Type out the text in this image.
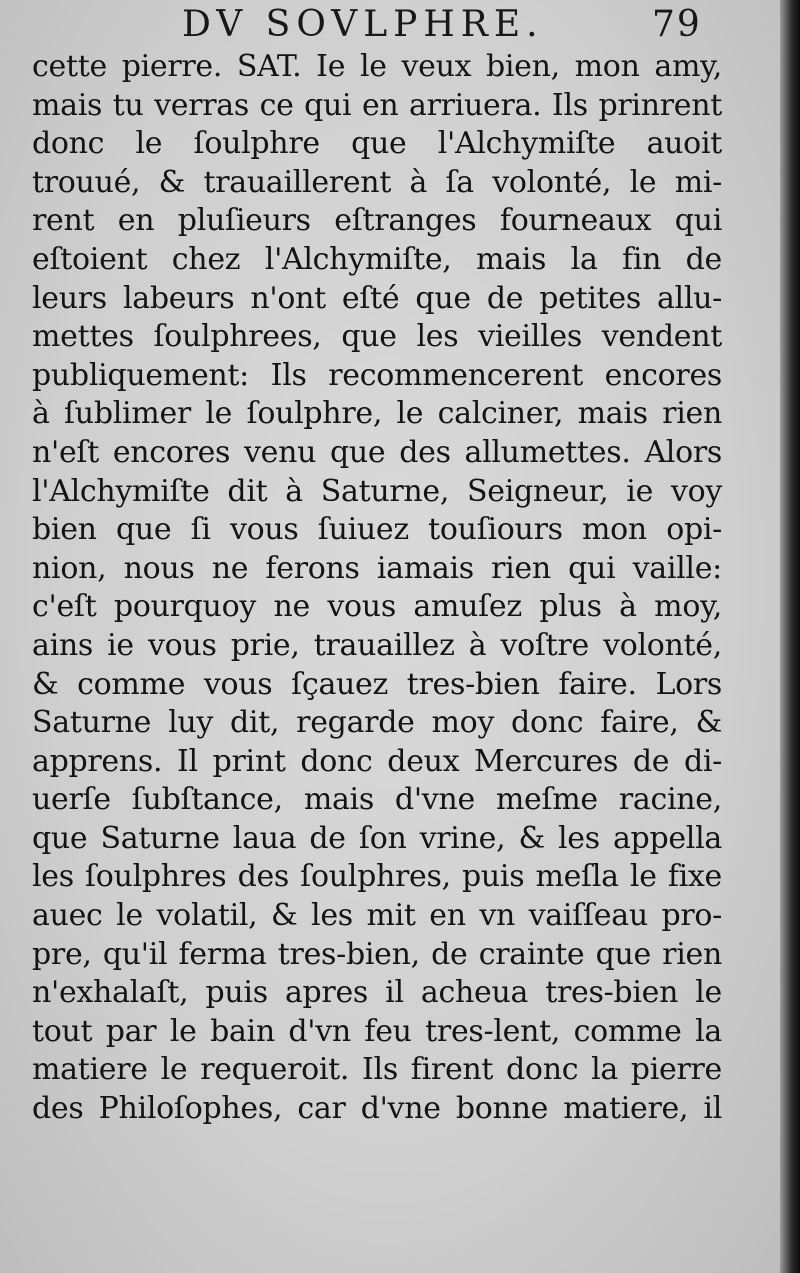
DV SOVLPHRE.	79
cette pierre. SAT. Ie le veux bien, mon amy,
mais tu verras ce qui en arriuera. Ils prinrent
donc le ſoulphre que l'Alchymiſte auoit
trouué, & trauaillerent à ſa volonté, le mi-
rent en pluſieurs eſtranges fourneaux qui
eſtoient chez l'Alchymiſte, mais la fin de
leurs labeurs n'ont eſté que de petites allu-
mettes ſoulphrees, que les vieilles vendent
publiquement: Ils recommencerent encores
à ſublimer le ſoulphre, le calciner, mais rien
n'eſt encores venu que des allumettes. Alors
l'Alchymiſte dit à Saturne, Seigneur, ie voy
bien que ſi vous ſuiuez touſiours mon opi-
nion, nous ne ferons iamais rien qui vaille:
c'eſt pourquoy ne vous amuſez plus à moy,
ains ie vous prie, trauaillez à voſtre volonté,
& comme vous ſçauez tres-bien faire. Lors
Saturne luy dit, regarde moy donc faire, &
apprens. Il print donc deux Mercures de di-
uerſe ſubſtance, mais d'vne meſme racine,
que Saturne laua de ſon vrine, & les appella
les ſoulphres des ſoulphres, puis meſla le fixe
auec le volatil, & les mit en vn vaiſſeau pro-
pre, qu'il ferma tres-bien, de crainte que rien
n'exhalaſt, puis apres il acheua tres-bien le
tout par le bain d'vn feu tres-lent, comme la
matiere le requeroit. Ils firent donc la pierre
des Philoſophes, car d'vne bonne matiere, il
